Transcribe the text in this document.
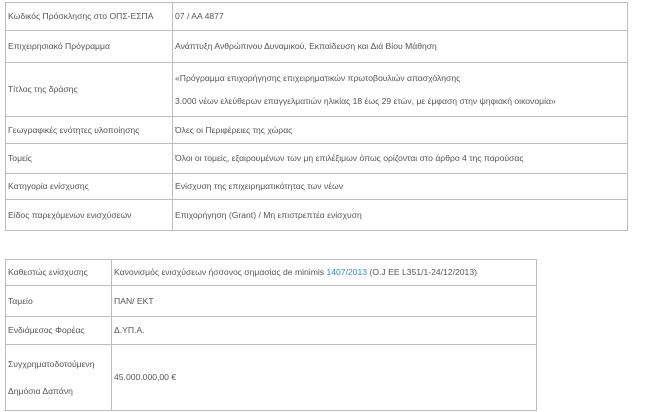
Κωδικός Πρόσκλησης στο ΟΠΣ-ΕΣΠΑ	07 / ΑΑ 4877
Επιχειρησιακό Πρόγραμμα	Ανάπτυξη Ανθρώπινου Δυναμικού, Εκπαίδευση και Διά Βίου Μάθηση
Τίτλος της δράσης	«Πρόγραμμα επιχορήγησης επιχειρηματικών πρωτοβουλιών απασχόλησης
3.000 νέων ελεύθερων επαγγελματιών ηλικίας 18 έως 29 ετών, με έμφαση στην ψηφιακή οικονομία»

Γεωγραφικές ενότητες υλοποίησης	Όλες οι Περιφέρειες της χώρας
Τομείς	Όλοι οι τομείς, εξαιρουμένων των μη επιλέξιμων όπως ορίζονται στο άρθρο 4 της παρούσας
Κατηγορία ενίσχυσης	Ενίσχυση της επιχειρηματικότητας των νέων
Είδος παρεχόμενων ενισχύσεων	Επιχορήγηση (Grant) / Μη επιστρεπτέα ενίσχυση
Καθεστώς ενίσχυσης	Κανονισμός ενισχύσεων ήσσονος σημασίας de minimis 1407/2013 (O.J ΕΕ L351/1-24/12/2013)
Ταμείο	ΠΑΝ/ ΕΚΤ
Ενδιάμεσος Φορέας	Δ.ΥΠ.Α.

Συγχρηματοδοτούμενη
Δημόσια Δαπάνη	45.000.000,00 €
